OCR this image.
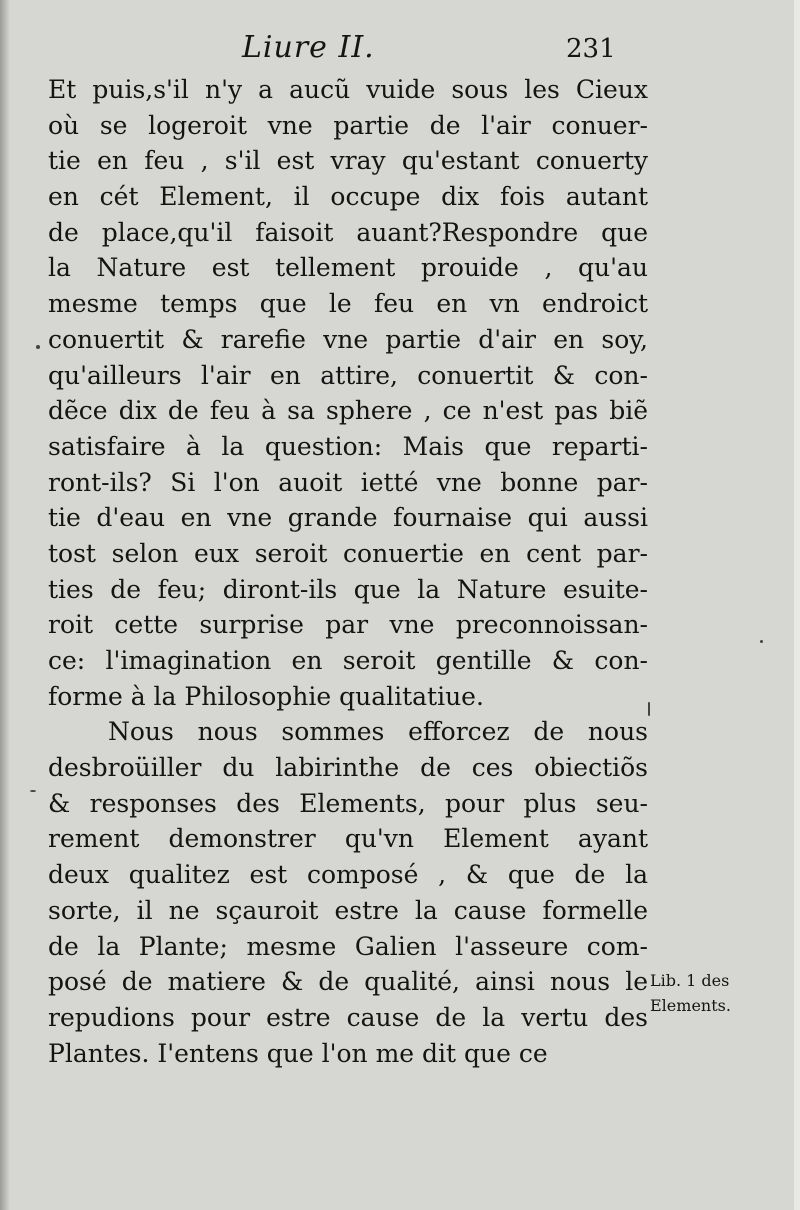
Liure II.	231
Et puis,s'il n'y a aucũ vuide sous les Cieux
où se logeroit vne partie de l'air conuer-
tie en feu , s'il est vray qu'estant conuerty
en cét Element, il occupe dix fois autant
de place,qu'il faisoit auant?Respondre que
la Nature est tellement prouide , qu'au
mesme temps que le feu en vn endroict
conuertit & rarefie vne partie d'air en soy,
qu'ailleurs l'air en attire, conuertit & con-
dẽce dix de feu à sa sphere , ce n'est pas biẽ
satisfaire à la question: Mais que reparti-
ront-ils? Si l'on auoit ietté vne bonne par-
tie d'eau en vne grande fournaise qui aussi
tost selon eux seroit conuertie en cent par-
ties de feu; diront-ils que la Nature esuite-
roit cette surprise par vne preconnoissan-
ce: l'imagination en seroit gentille & con-
forme à la Philosophie qualitatiue.
Nous nous sommes efforcez de nous
desbroüiller du labirinthe de ces obiectiõs
& responses des Elements, pour plus seu-
rement demonstrer qu'vn Element ayant
deux qualitez est composé , & que de la
sorte, il ne sçauroit estre la cause formelle
de la Plante; mesme Galien l'asseure com-
posé de matiere & de qualité, ainsi nous le
repudions pour estre cause de la vertu des
Plantes. I'entens que l'on me dit que ce
Lib. 1 des
Elements.
